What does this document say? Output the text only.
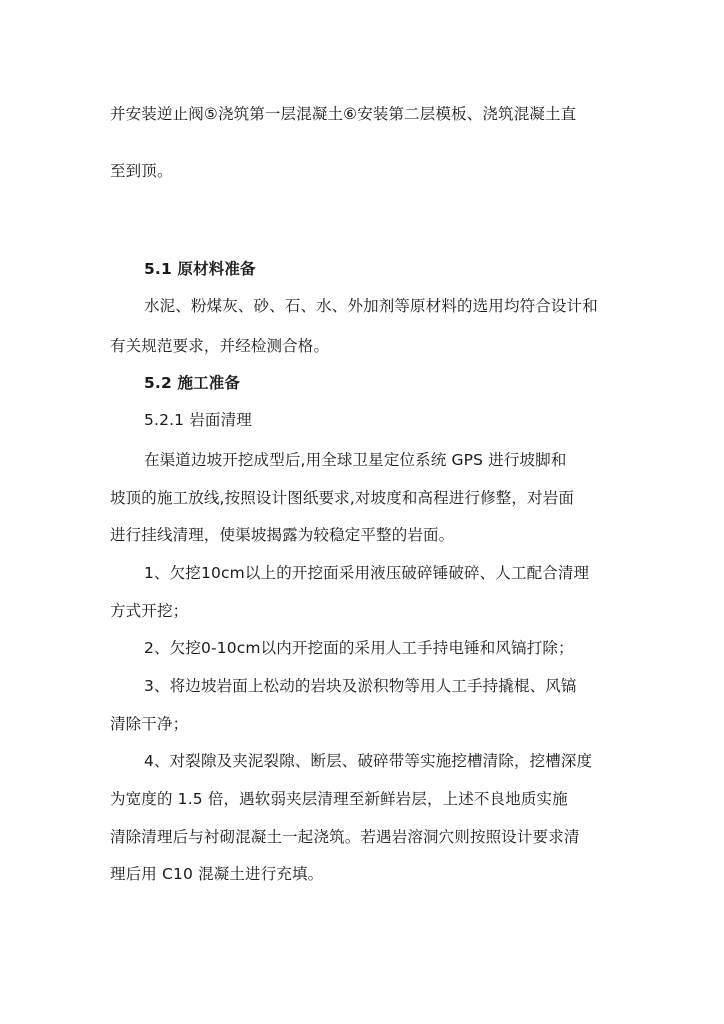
并安装逆止阀⑤浇筑第一层混凝土⑥安装第二层模板、浇筑混凝土直
至到顶。
5.1 原材料准备
水泥、粉煤灰、砂、石、水、外加剂等原材料的选用均符合设计和
有关规范要求，并经检测合格。
5.2 施工准备
5.2.1 岩面清理
在渠道边坡开挖成型后,用全球卫星定位系统 GPS 进行坡脚和
坡顶的施工放线,按照设计图纸要求,对坡度和高程进行修整，对岩面
进行挂线清理，使渠坡揭露为较稳定平整的岩面。
1、欠挖10cm以上的开挖面采用液压破碎锤破碎、人工配合清理
方式开挖；
2、欠挖0-10cm以内开挖面的采用人工手持电锤和风镐打除；
3、将边坡岩面上松动的岩块及淤积物等用人工手持撬棍、风镐
清除干净；
4、对裂隙及夹泥裂隙、断层、破碎带等实施挖槽清除，挖槽深度
为宽度的 1.5 倍，遇软弱夹层清理至新鲜岩层，上述不良地质实施
清除清理后与衬砌混凝土一起浇筑。若遇岩溶洞穴则按照设计要求清
理后用 C10 混凝土进行充填。
